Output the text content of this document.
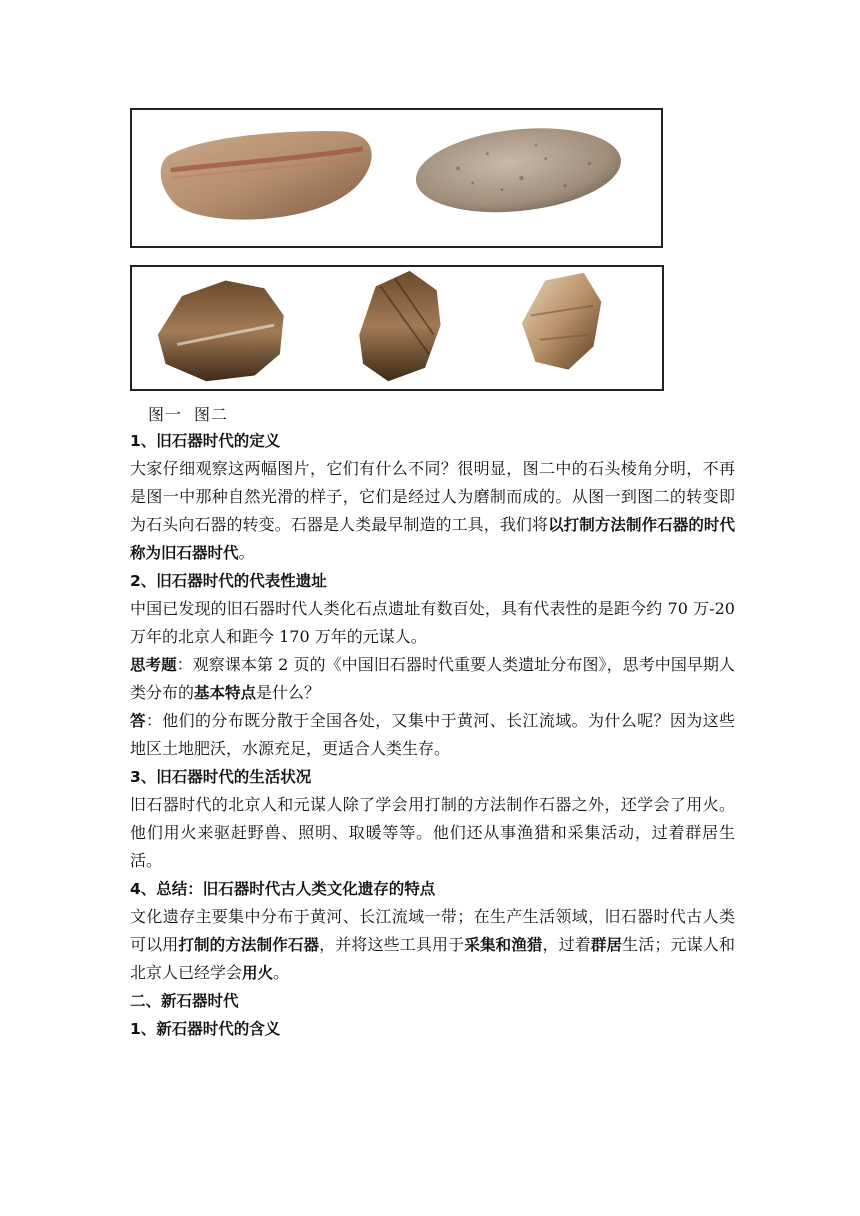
图一 图二

1、旧石器时代的定义

大家仔细观察这两幅图片，它们有什么不同？很明显，图二中的石头棱角分明，不再是图一中那种自然光滑的样子，它们是经过人为磨制而成的。从图一到图二的转变即为石头向石器的转变。石器是人类最早制造的工具，我们将以打制方法制作石器的时代称为旧石器时代。

2、旧石器时代的代表性遗址

中国已发现的旧石器时代人类化石点遗址有数百处，具有代表性的是距今约 70 万-20 万年的北京人和距今 170 万年的元谋人。

思考题：观察课本第 2 页的《中国旧石器时代重要人类遗址分布图》，思考中国早期人类分布的基本特点是什么？

答：他们的分布既分散于全国各处，又集中于黄河、长江流域。为什么呢？因为这些地区土地肥沃，水源充足，更适合人类生存。

3、旧石器时代的生活状况

旧石器时代的北京人和元谋人除了学会用打制的方法制作石器之外，还学会了用火。他们用火来驱赶野兽、照明、取暖等等。他们还从事渔猎和采集活动，过着群居生活。

4、总结：旧石器时代古人类文化遗存的特点

文化遗存主要集中分布于黄河、长江流域一带；在生产生活领域，旧石器时代古人类可以用打制的方法制作石器，并将这些工具用于采集和渔猎，过着群居生活；元谋人和北京人已经学会用火。

二、新石器时代

1、新石器时代的含义
